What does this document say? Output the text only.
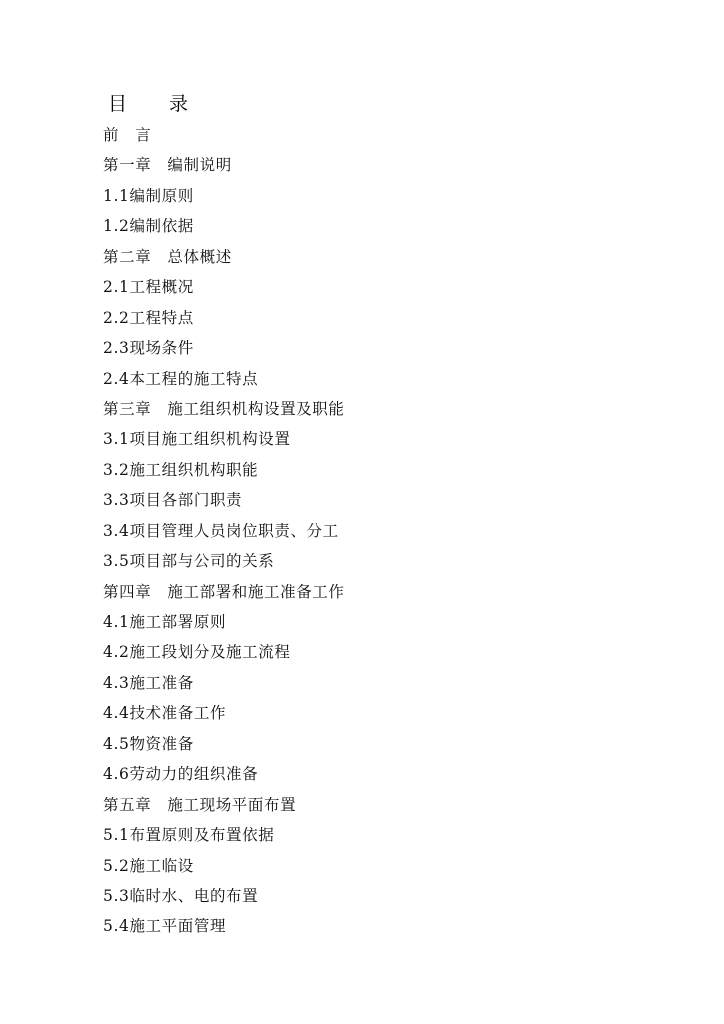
目 录
前　言
第一章　编制说明
1.1编制原则
1.2编制依据
第二章　总体概述
2.1工程概况
2.2工程特点
2.3现场条件
2.4本工程的施工特点
第三章　施工组织机构设置及职能
3.1项目施工组织机构设置
3.2施工组织机构职能
3.3项目各部门职责
3.4项目管理人员岗位职责、分工
3.5项目部与公司的关系
第四章　施工部署和施工准备工作
4.1施工部署原则
4.2施工段划分及施工流程
4.3施工准备
4.4技术准备工作
4.5物资准备
4.6劳动力的组织准备
第五章　施工现场平面布置
5.1布置原则及布置依据
5.2施工临设
5.3临时水、电的布置
5.4施工平面管理
